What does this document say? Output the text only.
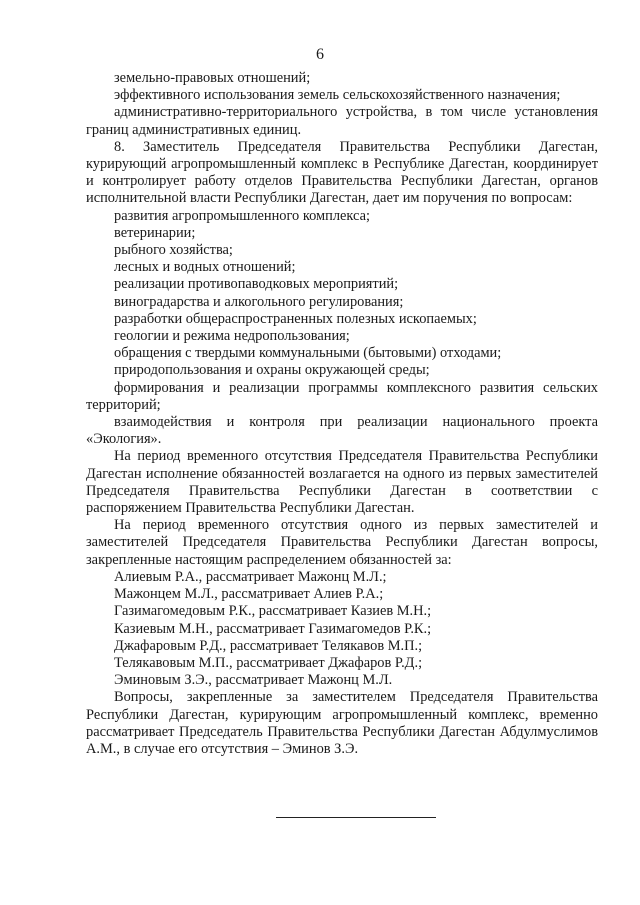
6

земельно-правовых отношений;

эффективного использования земель сельскохозяйственного назначения;

административно-территориального устройства, в том числе установления границ административных единиц.

8. Заместитель Председателя Правительства Республики Дагестан, курирующий агропромышленный комплекс в Республике Дагестан, координирует и контролирует работу отделов Правительства Республики Дагестан, органов исполнительной власти Республики Дагестан, дает им поручения по вопросам:

развития агропромышленного комплекса;

ветеринарии;

рыбного хозяйства;

лесных и водных отношений;

реализации противопаводковых мероприятий;

виноградарства и алкогольного регулирования;

разработки общераспространенных полезных ископаемых;

геологии и режима недропользования;

обращения с твердыми коммунальными (бытовыми) отходами;

природопользования и охраны окружающей среды;

формирования и реализации программы комплексного развития сельских территорий;

взаимодействия и контроля при реализации национального проекта «Экология».

На период временного отсутствия Председателя Правительства Республики Дагестан исполнение обязанностей возлагается на одного из первых заместителей Председателя Правительства Республики Дагестан в соответствии с распоряжением Правительства Республики Дагестан.

На период временного отсутствия одного из первых заместителей и заместителей Председателя Правительства Республики Дагестан вопросы, закрепленные настоящим распределением обязанностей за:

Алиевым Р.А., рассматривает Мажонц М.Л.;

Мажонцем М.Л., рассматривает Алиев Р.А.;

Газимагомедовым Р.К., рассматривает Казиев М.Н.;

Казиевым М.Н., рассматривает Газимагомедов Р.К.;

Джафаровым Р.Д., рассматривает Телякавов М.П.;

Телякавовым М.П., рассматривает Джафаров Р.Д.;

Эминовым З.Э., рассматривает Мажонц М.Л.

Вопросы, закрепленные за заместителем Председателя Правительства Республики Дагестан, курирующим агропромышленный комплекс, временно рассматривает Председатель Правительства Республики Дагестан Абдулмуслимов А.М., в случае его отсутствия – Эминов З.Э.
